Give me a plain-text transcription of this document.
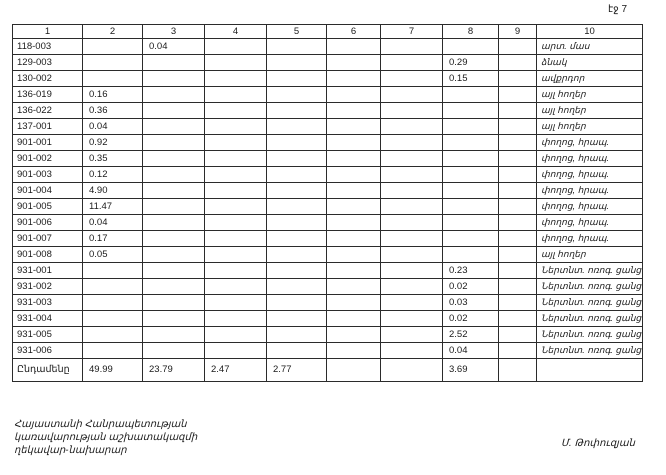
էջ 7
1	2	3	4	5	6	7	8	9	10
118-003		0.04							արտ. մաս
129-003							0.29		ձնակ
130-002							0.15		ավքրդոր
136-019	0.16								այլ հողեր
136-022	0.36								այլ հողեր
137-001	0.04								այլ հողեր
901-001	0.92								փողոց, հրապ.
901-002	0.35								փողոց, հրապ.
901-003	0.12								փողոց, հրապ.
901-004	4.90								փողոց, հրապ.
901-005	11.47								փողոց, հրապ.
901-006	0.04								փողոց, հրապ.
901-007	0.17								փողոց, հրապ.
901-008	0.05								այլ հողեր
931-001							0.23		Ներտնտ. ոռոգ. ցանց
931-002							0.02		Ներտնտ. ոռոգ. ցանց
931-003							0.03		Ներտնտ. ոռոգ. ցանց
931-004							0.02		Ներտնտ. ոռոգ. ցանց
931-005							2.52		Ներտնտ. ոռոգ. ցանց
931-006							0.04		Ներտնտ. ոռոգ. ցանց
Ընդամենը	49.99	23.79	2.47	2.77			3.69		
Հայաստանի Հանրապետության
կառավարության աշխատակազմի
ղեկավար-նախարար
Մ. Թոփուզյան
